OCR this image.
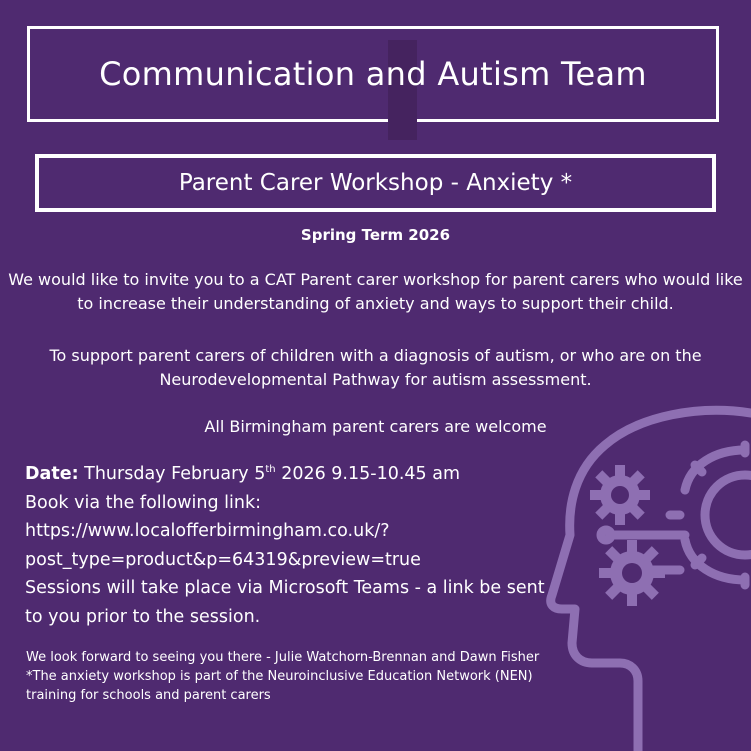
Communication and Autism Team
Parent Carer Workshop - Anxiety *
Spring Term 2026
We would like to invite you to a CAT Parent carer workshop for parent carers who would like to increase their understanding of anxiety and ways to support their child.
To support parent carers of children with a diagnosis of autism, or who are on the Neurodevelopmental Pathway for autism assessment.
All Birmingham parent carers are welcome
Date: Thursday February 5th 2026 9.15-10.45 am
Book via the following link:
https://www.localofferbirmingham.co.uk/?
post_type=product&p=64319&preview=true
Sessions will take place via Microsoft Teams - a link be sent to you prior to the session.

We look forward to seeing you there - Julie Watchorn-Brennan and Dawn Fisher

*The anxiety workshop is part of the Neuroinclusive Education Network (NEN) training for schools and parent carers
